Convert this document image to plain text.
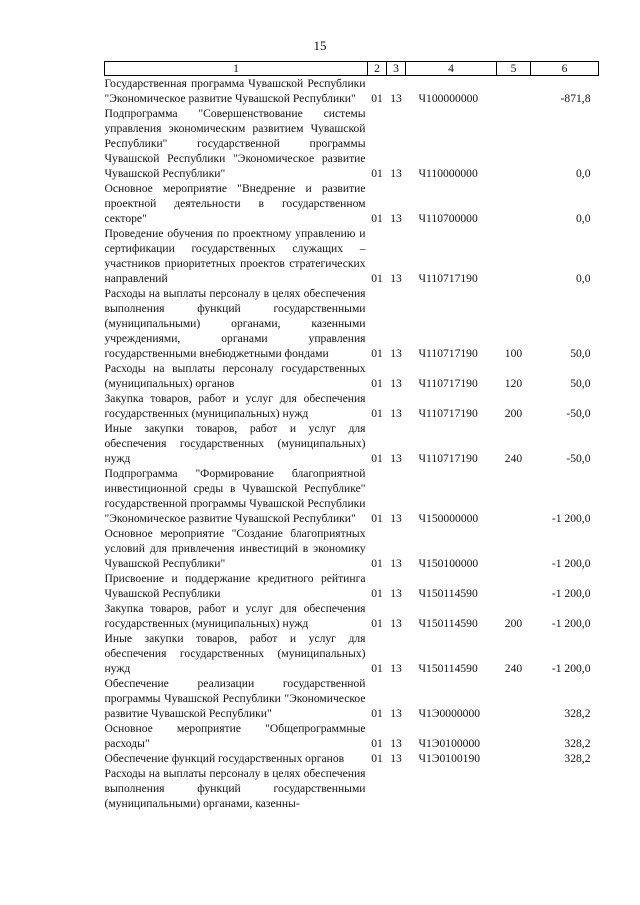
15
1	2	3	4	5	6
Государственная программа Чувашской Республики "Экономическое развитие Чувашской Республики"	01	13	Ч100000000		-871,8
Подпрограмма "Совершенствование системы управления экономическим развитием Чувашской Республики" государственной программы Чувашской Республики "Экономическое развитие Чувашской Республики"	01	13	Ч110000000		0,0
Основное мероприятие "Внедрение и развитие проектной деятельности в государственном секторе"	01	13	Ч110700000		0,0
Проведение обучения по проектному управлению и сертификации государственных служащих – участников приоритетных проектов стратегических направлений	01	13	Ч110717190		0,0
Расходы на выплаты персоналу в целях обеспечения выполнения функций государственными (муниципальными) органами, казенными учреждениями, органами управления государственными внебюджетными фондами	01	13	Ч110717190	100	50,0
Расходы на выплаты персоналу государственных (муниципальных) органов	01	13	Ч110717190	120	50,0
Закупка товаров, работ и услуг для обеспечения государственных (муниципальных) нужд	01	13	Ч110717190	200	-50,0
Иные закупки товаров, работ и услуг для обеспечения государственных (муниципальных) нужд	01	13	Ч110717190	240	-50,0
Подпрограмма "Формирование благоприятной инвестиционной среды в Чувашской Республике" государственной программы Чувашской Республики "Экономическое развитие Чувашской Республики"	01	13	Ч150000000		-1 200,0
Основное мероприятие "Создание благоприятных условий для привлечения инвестиций в экономику Чувашской Республики"	01	13	Ч150100000		-1 200,0
Присвоение и поддержание кредитного рейтинга Чувашской Республики	01	13	Ч150114590		-1 200,0
Закупка товаров, работ и услуг для обеспечения государственных (муниципальных) нужд	01	13	Ч150114590	200	-1 200,0
Иные закупки товаров, работ и услуг для обеспечения государственных (муниципальных) нужд	01	13	Ч150114590	240	-1 200,0
Обеспечение реализации государственной программы Чувашской Республики "Экономическое развитие Чувашской Республики"	01	13	Ч1Э0000000		328,2
Основное мероприятие "Общепрограммные расходы"	01	13	Ч1Э0100000		328,2
Обеспечение функций государственных органов	01	13	Ч1Э0100190		328,2
Расходы на выплаты персоналу в целях обеспечения выполнения функций государственными (муниципальными) органами, казенны-					
